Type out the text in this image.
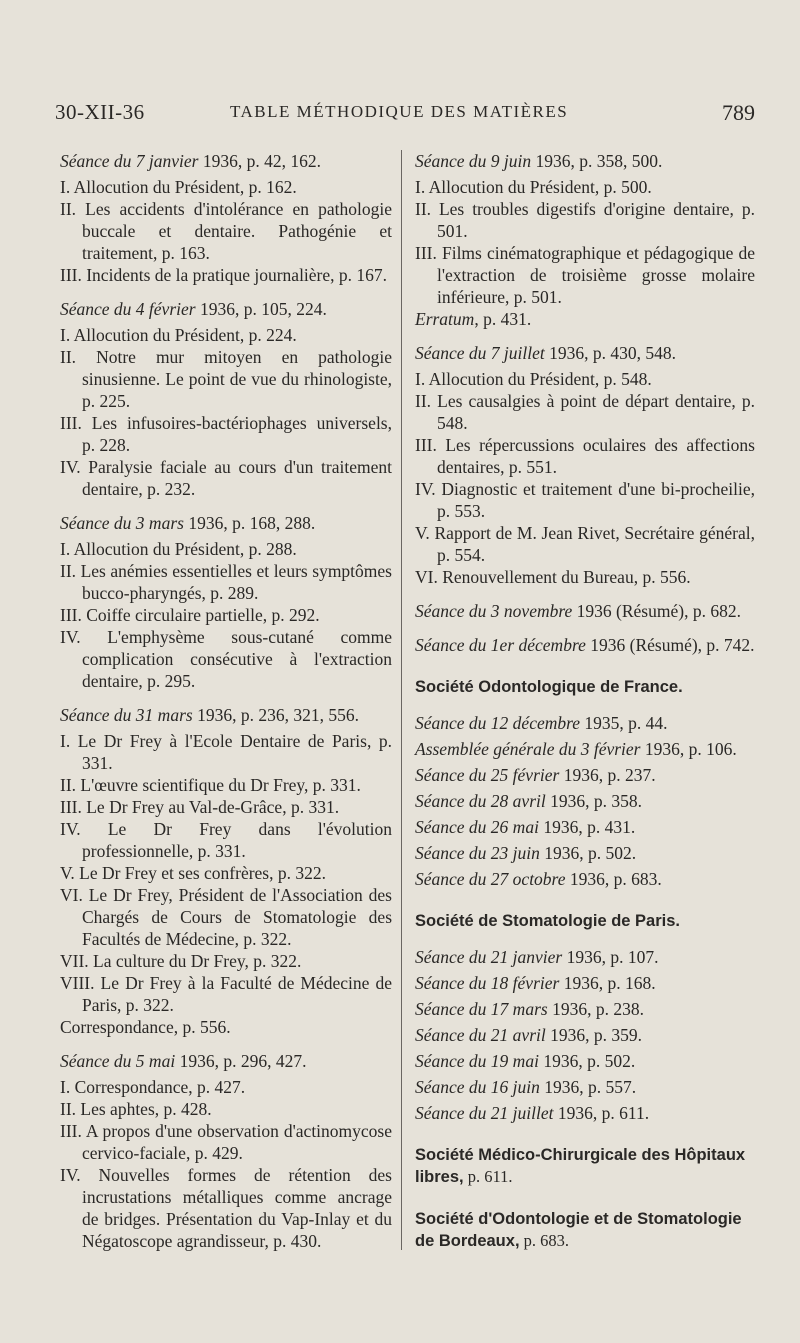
30-XII-36	TABLE MÉTHODIQUE DES MATIÈRES	789
Séance du 7 janvier 1936, p. 42, 162.
I. Allocution du Président, p. 162.
II. Les accidents d'intolérance en pathologie buccale et dentaire. Pathogénie et traitement, p. 163.
III. Incidents de la pratique journalière, p. 167.
Séance du 4 février 1936, p. 105, 224.
I. Allocution du Président, p. 224.
II. Notre mur mitoyen en pathologie sinusienne. Le point de vue du rhinologiste, p. 225.
III. Les infusoires-bactériophages universels, p. 228.
IV. Paralysie faciale au cours d'un traitement dentaire, p. 232.
Séance du 3 mars 1936, p. 168, 288.
I. Allocution du Président, p. 288.
II. Les anémies essentielles et leurs symptômes bucco-pharyngés, p. 289.
III. Coiffe circulaire partielle, p. 292.
IV. L'emphysème sous-cutané comme complication consécutive à l'extraction dentaire, p. 295.
Séance du 31 mars 1936, p. 236, 321, 556.
I. Le Dr Frey à l'Ecole Dentaire de Paris, p. 331.
II. L'œuvre scientifique du Dr Frey, p. 331.
III. Le Dr Frey au Val-de-Grâce, p. 331.
IV. Le Dr Frey dans l'évolution professionnelle, p. 331.
V. Le Dr Frey et ses confrères, p. 322.
VI. Le Dr Frey, Président de l'Association des Chargés de Cours de Stomatologie des Facultés de Médecine, p. 322.
VII. La culture du Dr Frey, p. 322.
VIII. Le Dr Frey à la Faculté de Médecine de Paris, p. 322.
Correspondance, p. 556.
Séance du 5 mai 1936, p. 296, 427.
I. Correspondance, p. 427.
II. Les aphtes, p. 428.
III. A propos d'une observation d'actinomycose cervico-faciale, p. 429.
IV. Nouvelles formes de rétention des incrustations métalliques comme ancrage de bridges. Présentation du Vap-Inlay et du Négatoscope agrandisseur, p. 430.
Séance du 9 juin 1936, p. 358, 500.
I. Allocution du Président, p. 500.
II. Les troubles digestifs d'origine dentaire, p. 501.
III. Films cinématographique et pédagogique de l'extraction de troisième grosse molaire inférieure, p. 501.
Erratum, p. 431.
Séance du 7 juillet 1936, p. 430, 548.
I. Allocution du Président, p. 548.
II. Les causalgies à point de départ dentaire, p. 548.
III. Les répercussions oculaires des affections dentaires, p. 551.
IV. Diagnostic et traitement d'une bi-procheilie, p. 553.
V. Rapport de M. Jean Rivet, Secrétaire général, p. 554.
VI. Renouvellement du Bureau, p. 556.
Séance du 3 novembre 1936 (Résumé), p. 682.
Séance du 1er décembre 1936 (Résumé), p. 742.
Société Odontologique de France.
Séance du 12 décembre 1935, p. 44.
Assemblée générale du 3 février 1936, p. 106.
Séance du 25 février 1936, p. 237.
Séance du 28 avril 1936, p. 358.
Séance du 26 mai 1936, p. 431.
Séance du 23 juin 1936, p. 502.
Séance du 27 octobre 1936, p. 683.
Société de Stomatologie de Paris.
Séance du 21 janvier 1936, p. 107.
Séance du 18 février 1936, p. 168.
Séance du 17 mars 1936, p. 238.
Séance du 21 avril 1936, p. 359.
Séance du 19 mai 1936, p. 502.
Séance du 16 juin 1936, p. 557.
Séance du 21 juillet 1936, p. 611.
Société Médico-Chirurgicale des Hôpitaux libres, p. 611.
Société d'Odontologie et de Stomatologie de Bordeaux, p. 683.
